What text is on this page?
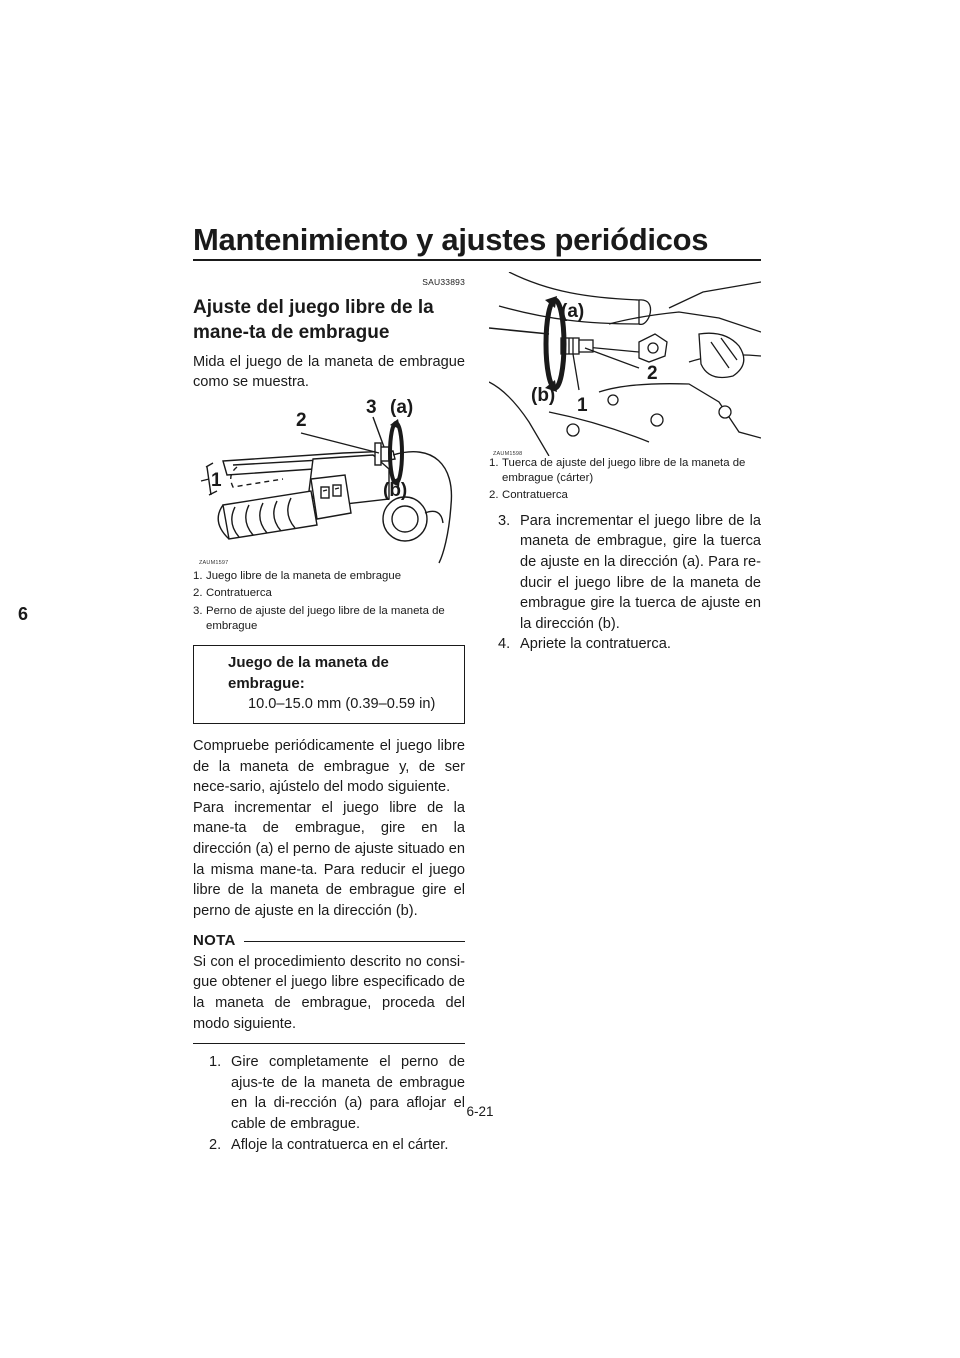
Mantenimiento y ajustes periódicos
6
SAU33893
Ajuste del juego libre de la mane-ta de embrague
Mida el juego de la maneta de embrague como se muestra.
2
3 (a)
1	(b)
ZAUM1597
1. Juego libre de la maneta de embrague
2. Contratuerca
3. Perno de ajuste del juego libre de la maneta de embrague
Juego de la maneta de embrague:
10.0–15.0 mm (0.39–0.59 in)
Compruebe periódicamente el juego libre de la maneta de embrague y, de ser nece-sario, ajústelo del modo siguiente.
Para incrementar el juego libre de la mane-ta de embrague, gire en la dirección (a) el perno de ajuste situado en la misma mane-ta. Para reducir el juego libre de la maneta de embrague gire el perno de ajuste en la dirección (b).
NOTA
Si con el procedimiento descrito no consi-gue obtener el juego libre especificado de la maneta de embrague, proceda del modo siguiente.
1. Gire completamente el perno de ajus-te de la maneta de embrague en la di-rección (a) para aflojar el cable de embrague.
2. Afloje la contratuerca en el cárter.
(a)
(b)
2
1
ZAUM1598
1. Tuerca de ajuste del juego libre de la maneta de embrague (cárter)
2. Contratuerca
3. Para incrementar el juego libre de la maneta de embrague, gire la tuerca de ajuste en la dirección (a). Para re-ducir el juego libre de la maneta de embrague gire la tuerca de ajuste en la dirección (b).
4. Apriete la contratuerca.
6-21
